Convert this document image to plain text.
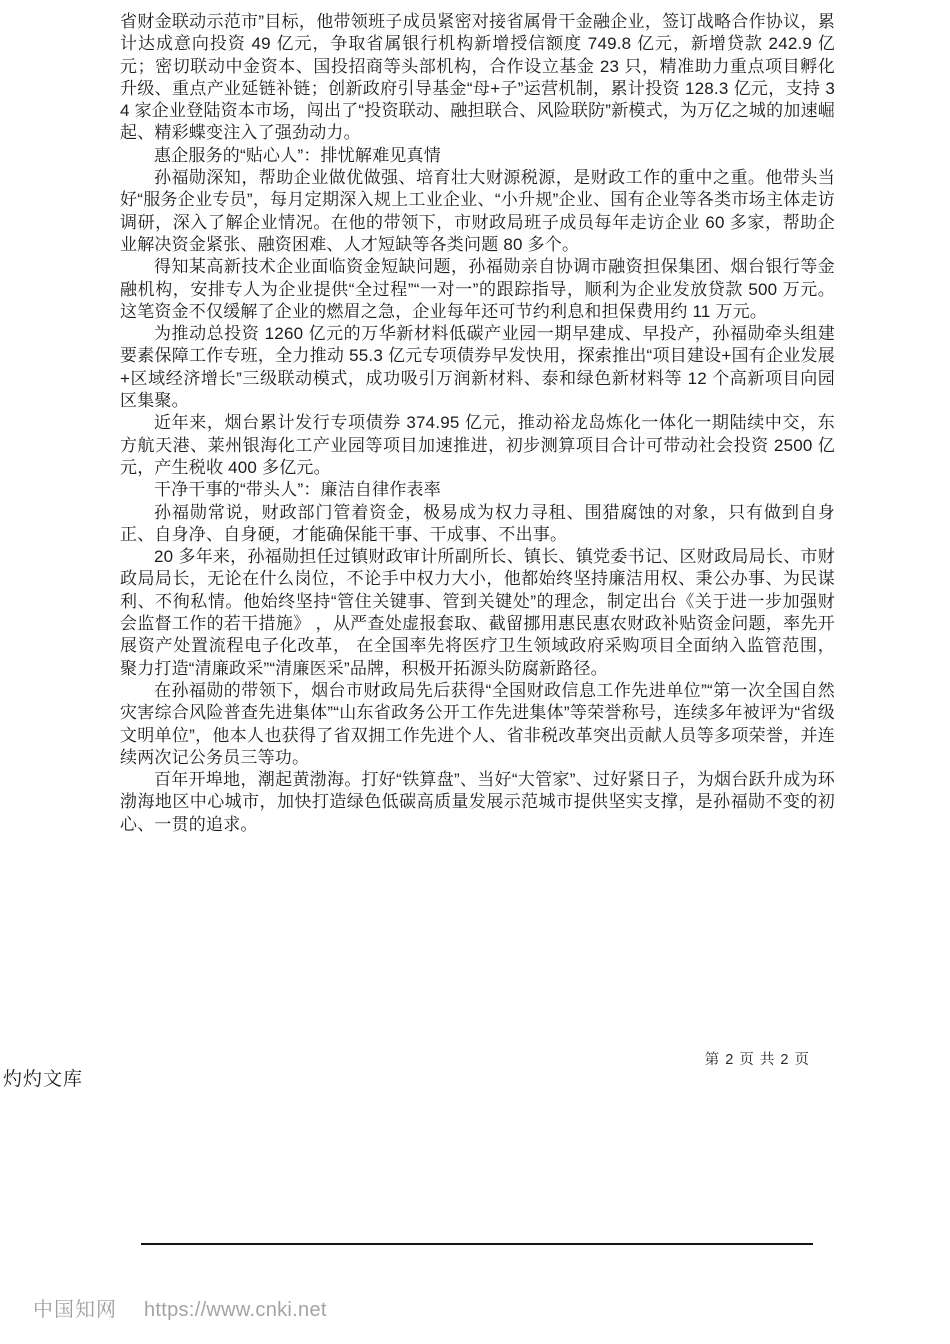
省财金联动示范市”目标，他带领班子成员紧密对接省属骨干金融企业，签订战略合作协议，累计达成意向投资 49 亿元，争取省属银行机构新增授信额度 749.8 亿元，新增贷款 242.9 亿元；密切联动中金资本、国投招商等头部机构，合作设立基金 23 只，精准助力重点项目孵化升级、重点产业延链补链；创新政府引导基金“母+子”运营机制，累计投资 128.3 亿元，支持 34 家企业登陆资本市场，闯出了“投资联动、融担联合、风险联防”新模式，为万亿之城的加速崛起、精彩蝶变注入了强劲动力。

惠企服务的“贴心人”：排忧解难见真情

孙福勋深知，帮助企业做优做强、培育壮大财源税源，是财政工作的重中之重。他带头当好“服务企业专员”，每月定期深入规上工业企业、“小升规”企业、国有企业等各类市场主体走访调研，深入了解企业情况。在他的带领下，市财政局班子成员每年走访企业 60 多家，帮助企业解决资金紧张、融资困难、人才短缺等各类问题 80 多个。

得知某高新技术企业面临资金短缺问题，孙福勋亲自协调市融资担保集团、烟台银行等金融机构，安排专人为企业提供“全过程”“一对一”的跟踪指导，顺利为企业发放贷款 500 万元。这笔资金不仅缓解了企业的燃眉之急，企业每年还可节约利息和担保费用约 11 万元。

为推动总投资 1260 亿元的万华新材料低碳产业园一期早建成、早投产，孙福勋牵头组建要素保障工作专班，全力推动 55.3 亿元专项债券早发快用，探索推出“项目建设+国有企业发展+区域经济增长”三级联动模式，成功吸引万润新材料、泰和绿色新材料等 12 个高新项目向园区集聚。

近年来，烟台累计发行专项债券 374.95 亿元，推动裕龙岛炼化一体化一期陆续中交，东方航天港、莱州银海化工产业园等项目加速推进，初步测算项目合计可带动社会投资 2500 亿元，产生税收 400 多亿元。

干净干事的“带头人”：廉洁自律作表率

孙福勋常说，财政部门管着资金，极易成为权力寻租、围猎腐蚀的对象，只有做到自身正、自身净、自身硬，才能确保能干事、干成事、不出事。

20 多年来，孙福勋担任过镇财政审计所副所长、镇长、镇党委书记、区财政局局长、市财政局局长，无论在什么岗位，不论手中权力大小，他都始终坚持廉洁用权、秉公办事、为民谋利、不徇私情。他始终坚持“管住关键事、管到关键处”的理念，制定出台《关于进一步加强财会监督工作的若干措施》 ，从严查处虚报套取、截留挪用惠民惠农财政补贴资金问题，率先开展资产处置流程电子化改革， 在全国率先将医疗卫生领域政府采购项目全面纳入监管范围， 聚力打造“清廉政采”“清廉医采”品牌，积极开拓源头防腐新路径。

在孙福勋的带领下，烟台市财政局先后获得“全国财政信息工作先进单位”“第一次全国自然灾害综合风险普查先进集体”“山东省政务公开工作先进集体”等荣誉称号，连续多年被评为“省级文明单位”，他本人也获得了省双拥工作先进个人、省非税改革突出贡献人员等多项荣誉，并连续两次记公务员三等功。

百年开埠地，潮起黄渤海。打好“铁算盘”、当好“大管家”、过好紧日子，为烟台跃升成为环渤海地区中心城市，加快打造绿色低碳高质量发展示范城市提供坚实支撑，是孙福勋不变的初心、一贯的追求。

第 2 页 共 2 页
灼灼文库
中国知网 https://www.cnki.net
